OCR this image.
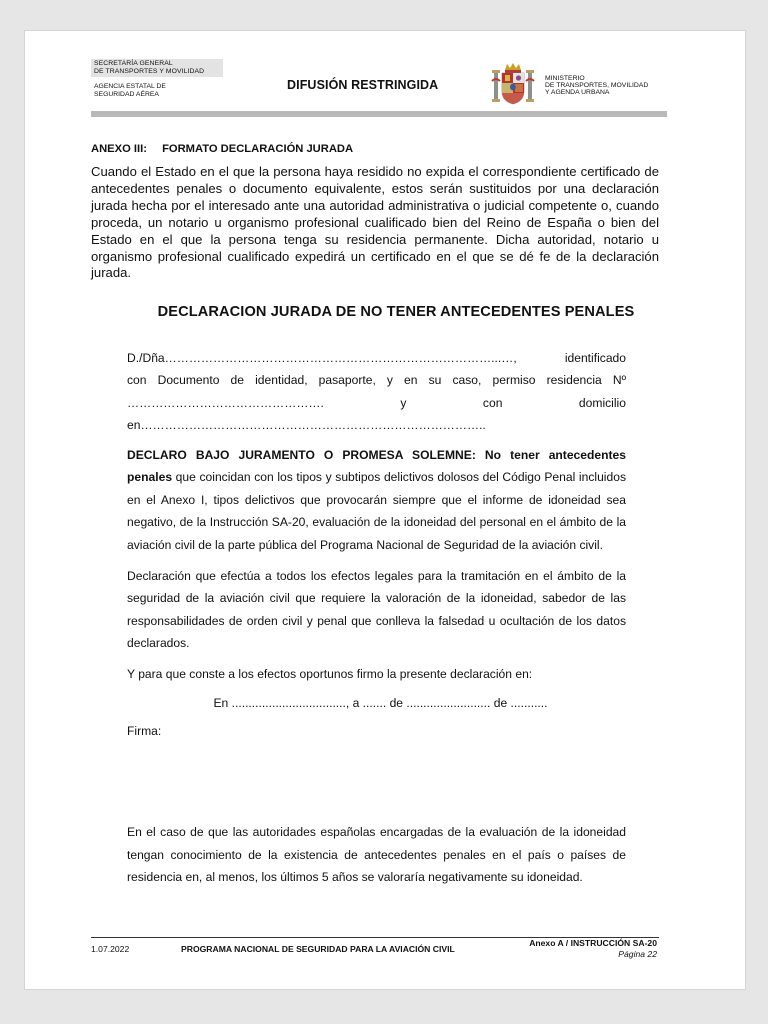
SECRETARÍA GENERAL
DE TRANSPORTES Y MOVILIDAD
AGENCIA ESTATAL DE
SEGURIDAD AÉREA
DIFUSIÓN RESTRINGIDA	MINISTERIO
DE TRANSPORTES, MOVILIDAD
Y AGENDA URBANA
ANEXO III: FORMATO DECLARACIÓN JURADA
Cuando el Estado en el que la persona haya residido no expida el correspondiente certificado de antecedentes penales o documento equivalente, estos serán sustituidos por una declaración jurada hecha por el interesado ante una autoridad administrativa o judicial competente o, cuando proceda, un notario u organismo profesional cualificado bien del Reino de España o bien del Estado en el que la persona tenga su residencia permanente. Dicha autoridad, notario u organismo profesional cualificado expedirá un certificado en el que se dé fe de la declaración jurada.
DECLARACION JURADA DE NO TENER ANTECEDENTES PENALES
D./Dña………………………………………………………………………...…,	identificado
con Documento de identidad, pasaporte, y en su caso, permiso residencia Nº
………………………………………….	y	con	domicilio
en…………………………………………………………………………..
DECLARO BAJO JURAMENTO O PROMESA SOLEMNE: No tener antecedentes penales que coincidan con los tipos y subtipos delictivos dolosos del Código Penal incluidos en el Anexo I, tipos delictivos que provocarán siempre que el informe de idoneidad sea negativo, de la Instrucción SA-20, evaluación de la idoneidad del personal en el ámbito de la aviación civil de la parte pública del Programa Nacional de Seguridad de la aviación civil.
Declaración que efectúa a todos los efectos legales para la tramitación en el ámbito de la seguridad de la aviación civil que requiere la valoración de la idoneidad, sabedor de las responsabilidades de orden civil y penal que conlleva la falsedad u ocultación de los datos declarados.
Y para que conste a los efectos oportunos firmo la presente declaración en:
En .................................., a ....... de ......................... de ...........
Firma:
En el caso de que las autoridades españolas encargadas de la evaluación de la idoneidad tengan conocimiento de la existencia de antecedentes penales en el país o países de residencia en, al menos, los últimos 5 años se valoraría negativamente su idoneidad.
1.07.2022	PROGRAMA NACIONAL DE SEGURIDAD PARA LA AVIACIÓN CIVIL
Anexo A / INSTRUCCIÓN SA-20
Página 22
